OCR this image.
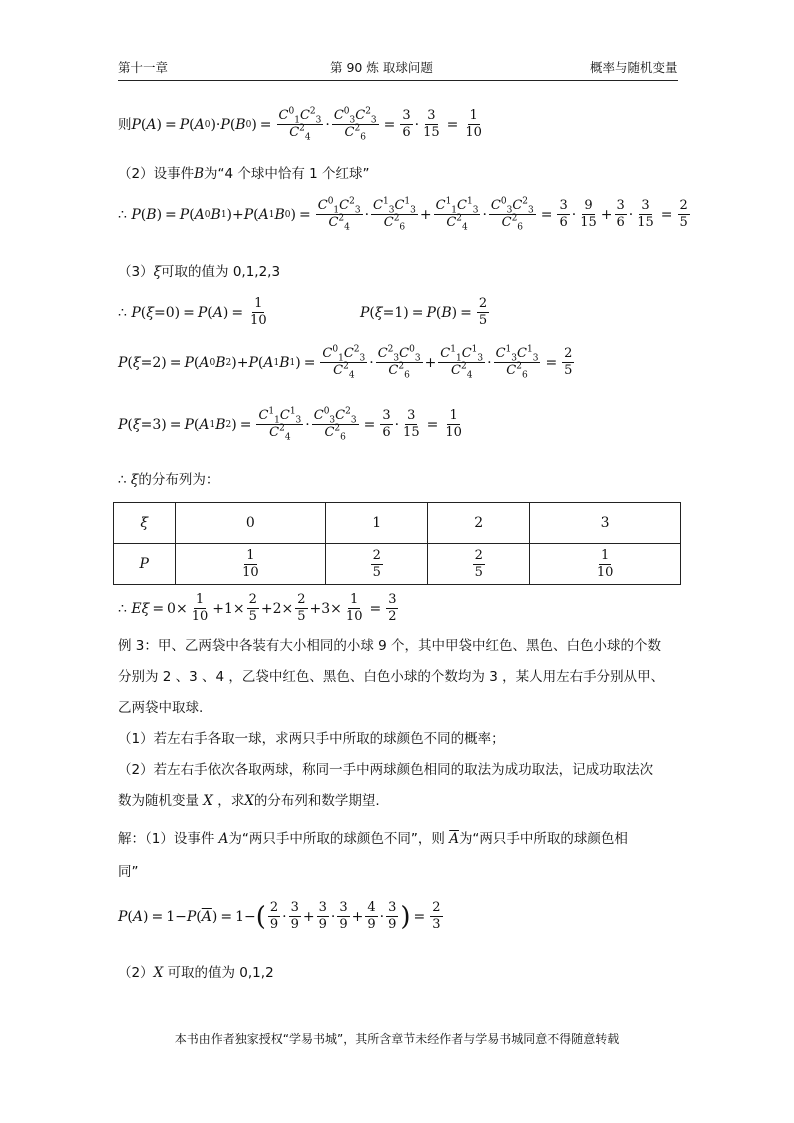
第十一章	第 90 炼 取球问题	概率与随机变量
则 P ( A ) = P ( A 0 )· P ( B 0 ) = $\frac{C^0_1C^2_3}{C^2_4} \cdot \frac{C^0_3C^2_3}{C^2_6} = \frac{3}{6} \cdot \frac{3}{15} = \frac{1}{10}$
（2）设事件B为“4 个球中恰有 1 个红球”
∴
P ( B ) = P ( A 0 B 1 )+ P ( A 1 B 0 ) = $\frac{C^0_1C^2_3}{C^2_4} \cdot \frac{C^1_3C^1_3}{C^2_6} + \frac{C^1_1C^1_3}{C^2_4} \cdot \frac{C^0_3C^2_3}{C^2_6} = \frac{3}{6} \cdot \frac{9}{15} + \frac{3}{6} \cdot \frac{3}{15} = \frac{2}{5}$
（3）ξ可取的值为 0,1,2,3
∴
P ( ξ =0) = P ( A ) = $\frac{1}{10}$	P ( ξ =1) = P ( B ) = $\frac{2}{5}$
P ( ξ =2) = P ( A 0 B 2 )+ P ( A 1 B 1 ) = $\frac{C^0_1C^2_3}{C^2_4} \cdot \frac{C^2_3C^0_3}{C^2_6} + \frac{C^1_1C^1_3}{C^2_4} \cdot \frac{C^1_3C^1_3}{C^2_6} = \frac{2}{5}$
P ( ξ =3) = P ( A 1 B 2 ) = $\frac{C^1_1C^1_3}{C^2_4} \cdot \frac{C^0_3C^2_3}{C^2_6} = \frac{3}{6} \cdot \frac{3}{15} = \frac{1}{10}$
∴ ξ的分布列为：
ξ	0	1	2	3
P	$\frac{1}{10}$	$\frac{2}{5}$	$\frac{2}{5}$	$\frac{1}{10}$
∴
$E\xi = 0\times \frac{1}{10} +1\times \frac{2}{5} +2\times \frac{2}{5} +3\times \frac{1}{10} = \frac{3}{2}$
例 3：甲、乙两袋中各装有大小相同的小球 9 个，其中甲袋中红色、黑色、白色小球的个数
分别为 2 、3 、4 ，乙袋中红色、黑色、白色小球的个数均为 3 ，某人用左右手分别从甲、
乙两袋中取球.
（1）若左右手各取一球，求两只手中所取的球颜色不同的概率；
（2）若左右手依次各取两球，称同一手中两球颜色相同的取法为成功取法，记成功取法次
数为随机变量 X ，求X的分布列和数学期望.
解：（1）设事件 A为“两只手中所取的球颜色不同”，则 $\overline{A}$为“两只手中所取的球颜色相
同”
P ( A ) = 1− P ( $\overline{A}$ ) = 1− ( $\frac{2}{9} \cdot \frac{3}{9} + \frac{3}{9} \cdot \frac{3}{9} + \frac{4}{9} \cdot \frac{3}{9}$ ) = $\frac{2}{3}$
（2）X 可取的值为 0,1,2
本书由作者独家授权“学易书城”，其所含章节未经作者与学易书城同意不得随意转载
